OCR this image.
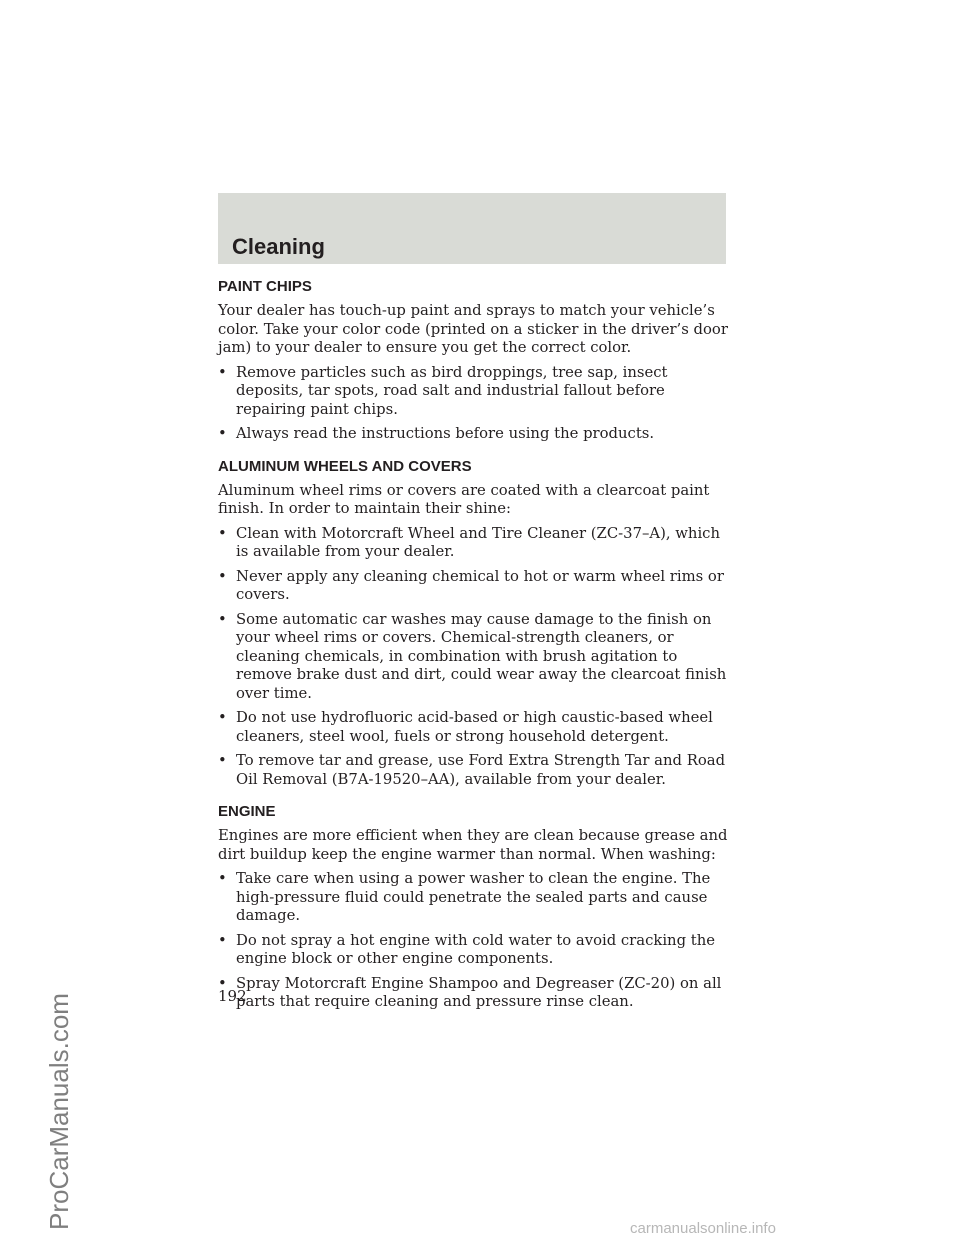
Cleaning
PAINT CHIPS

Your dealer has touch-up paint and sprays to match your vehicle’s color. Take your color code (printed on a sticker in the driver’s door jam) to your dealer to ensure you get the correct color.

• Remove particles such as bird droppings, tree sap, insect deposits, tar spots, road salt and industrial fallout before repairing paint chips.
• Always read the instructions before using the products.
ALUMINUM WHEELS AND COVERS

Aluminum wheel rims or covers are coated with a clearcoat paint finish. In order to maintain their shine:

• Clean with Motorcraft Wheel and Tire Cleaner (ZC-37–A), which is available from your dealer.
• Never apply any cleaning chemical to hot or warm wheel rims or covers.
• Some automatic car washes may cause damage to the finish on your wheel rims or covers. Chemical-strength cleaners, or cleaning chemicals, in combination with brush agitation to remove brake dust and dirt, could wear away the clearcoat finish over time.
• Do not use hydrofluoric acid-based or high caustic-based wheel cleaners, steel wool, fuels or strong household detergent.
• To remove tar and grease, use Ford Extra Strength Tar and Road Oil Removal (B7A-19520–AA), available from your dealer.
ENGINE

Engines are more efficient when they are clean because grease and dirt buildup keep the engine warmer than normal. When washing:

• Take care when using a power washer to clean the engine. The high-pressure fluid could penetrate the sealed parts and cause damage.
• Do not spray a hot engine with cold water to avoid cracking the engine block or other engine components.
• Spray Motorcraft Engine Shampoo and Degreaser (ZC-20) on all parts that require cleaning and pressure rinse clean.
192
ProCarManuals.com	carmanualsonline.info
